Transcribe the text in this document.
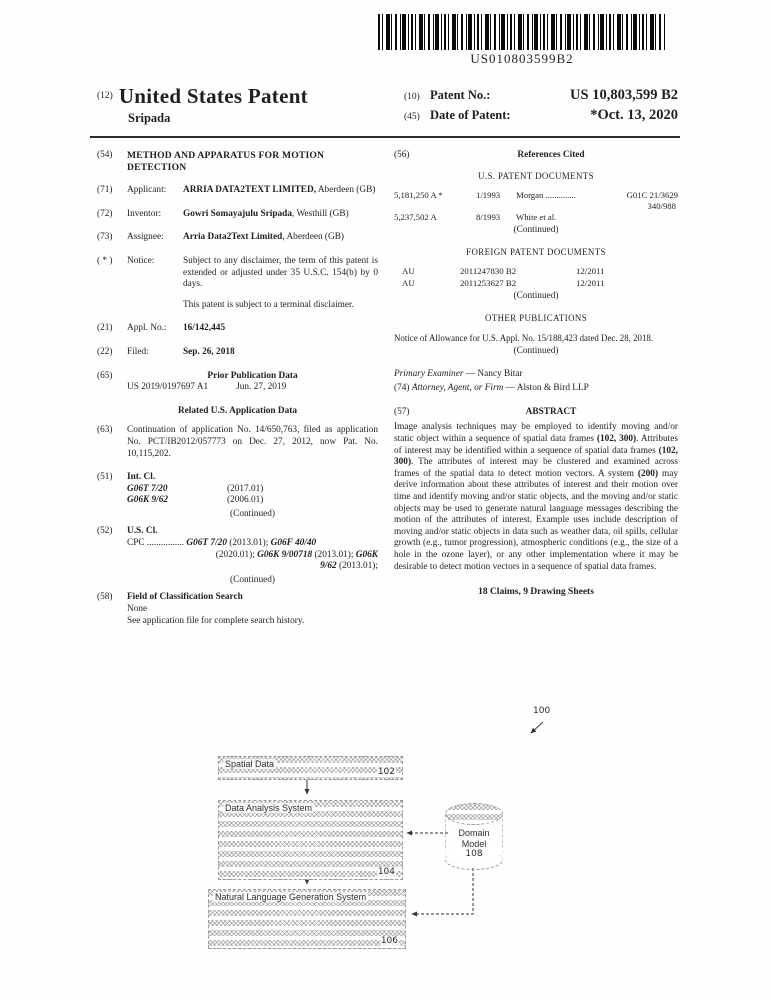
US010803599B2
(12) United States Patent
Sripada
(10) Patent No.:	US 10,803,599 B2
(45) Date of Patent:	*Oct. 13, 2020
(54)	METHOD AND APPARATUS FOR MOTION DETECTION
(71)	Applicant:	ARRIA DATA2TEXT LIMITED, Aberdeen (GB)
(72)	Inventor:	Gowri Somayajulu Sripada, Westhill (GB)
(73)	Assignee:	Arria Data2Text Limited, Aberdeen (GB)
( * )	Notice:	Subject to any disclaimer, the term of this patent is extended or adjusted under 35 U.S.C. 154(b) by 0 days.

This patent is subject to a terminal disclaimer.

(21)	Appl. No.:	16/142,445
(22)	Filed:	Sep. 26, 2018
(65)	Prior Publication Data
US 2019/0197697 A1	Jun. 27, 2019
Related U.S. Application Data
(63)	Continuation of application No. 14/650,763, filed as application No. PCT/IB2012/057773 on Dec. 27, 2012, now Pat. No. 10,115,202.
(51)	Int. Cl.
G06T 7/20	(2017.01)
G06K 9/62	(2006.01)
(Continued)
(52)	U.S. Cl.
CPC ................ G06T 7/20 (2013.01); G06F 40/40
(2020.01); G06K 9/00718 (2013.01); G06K
9/62 (2013.01);
(Continued)
(58)	Field of Classification Search
None
See application file for complete search history.
(56)	References Cited
U.S. PATENT DOCUMENTS
5,181,250 A *	1/1993	Morgan ..............	G01C 21/3629
340/988
5,237,502 A	8/1993	White et al.
(Continued)
FOREIGN PATENT DOCUMENTS
AU	2011247830 B2	12/2011
AU	2011253627 B2	12/2011
(Continued)
OTHER PUBLICATIONS

Notice of Allowance for U.S. Appl. No. 15/188,423 dated Dec. 28, 2018.

(Continued)
Primary Examiner — Nancy Bitar
(74) Attorney, Agent, or Firm — Alston & Bird LLP
(57)	ABSTRACT

Image analysis techniques may be employed to identify moving and/or static object within a sequence of spatial data frames (102, 300). Attributes of interest may be identified within a sequence of spatial data frames (102, 300). The attributes of interest may be clustered and examined across frames of the spatial data to detect motion vectors. A system (200) may derive information about these attributes of interest and their motion over time and identify moving and/or static objects, and the moving and/or static objects may be used to generate natural language messages describing the motion of the attributes of interest. Example uses include description of moving and/or static objects in data such as weather data, oil spills, cellular growth (e.g., tumor progression), atmospheric conditions (e.g., the size of a hole in the ozone layer), or any other implementation where it may be desirable to detect motion vectors in a sequence of spatial data frames.

18 Claims, 9 Drawing Sheets
100
Spatial Data
102
Data Analysis System
104
Natural Language Generation System
106
Domain
Model
108
